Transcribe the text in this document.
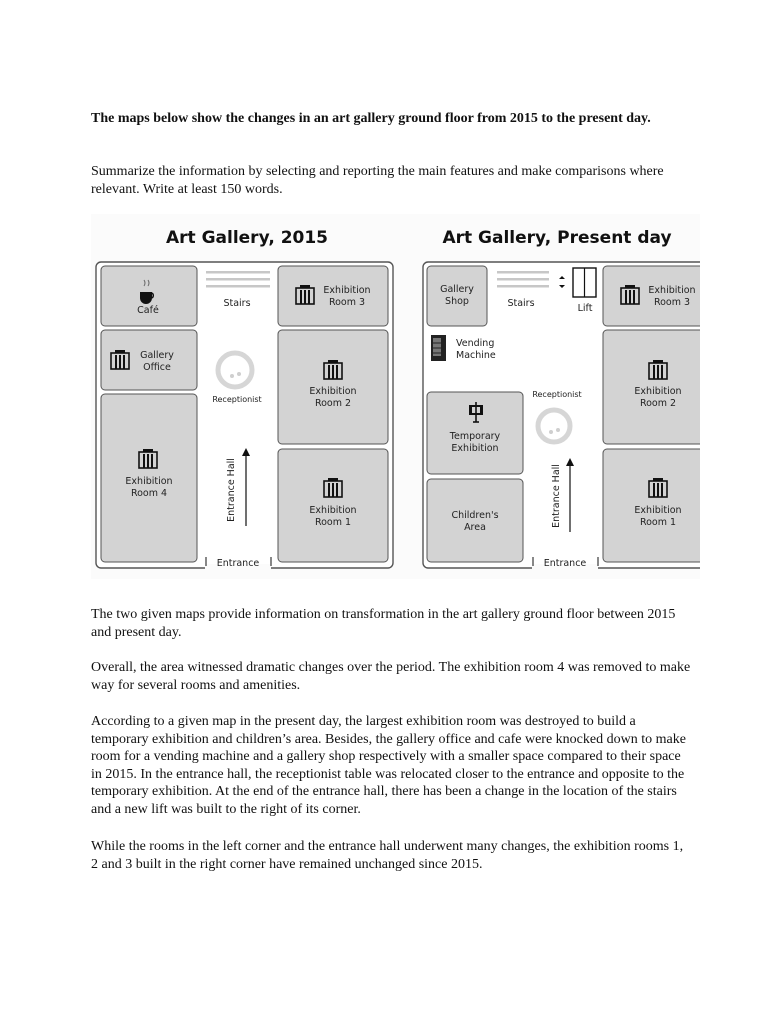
The maps below show the changes in an art gallery ground floor from 2015 to the present day.

Summarize the information by selecting and reporting the main features and make comparisons where relevant. Write at least 150 words.

Art Gallery, 2015
Café
Stairs
Exhibition
Room 3
Gallery
Office
Receptionist
Exhibition
Room 2
Exhibition
Room 4	Entrance Hall	Exhibition
Room 1
Entrance
Art Gallery, Present day
Gallery
Shop	Stairs	Lift
Exhibition
Room 3
Vending
Machine
Receptionist	Exhibition
Room 2
Temporary
Exhibition
Children's
Area	Entrance Hall	Exhibition
Room 1
Entrance

The two given maps provide information on transformation in the art gallery ground floor between 2015 and present day.

Overall, the area witnessed dramatic changes over the period. The exhibition room 4 was removed to make way for several rooms and amenities.

According to a given map in the present day, the largest exhibition room was destroyed to build a temporary exhibition and children’s area. Besides, the gallery office and cafe were knocked down to make room for a vending machine and a gallery shop respectively with a smaller space compared to their space in 2015. In the entrance hall, the receptionist table was relocated closer to the entrance and opposite to the temporary exhibition. At the end of the entrance hall, there has been a change in the location of the stairs and a new lift was built to the right of its corner.

While the rooms in the left corner and the entrance hall underwent many changes, the exhibition rooms 1, 2 and 3 built in the right corner have remained unchanged since 2015.
